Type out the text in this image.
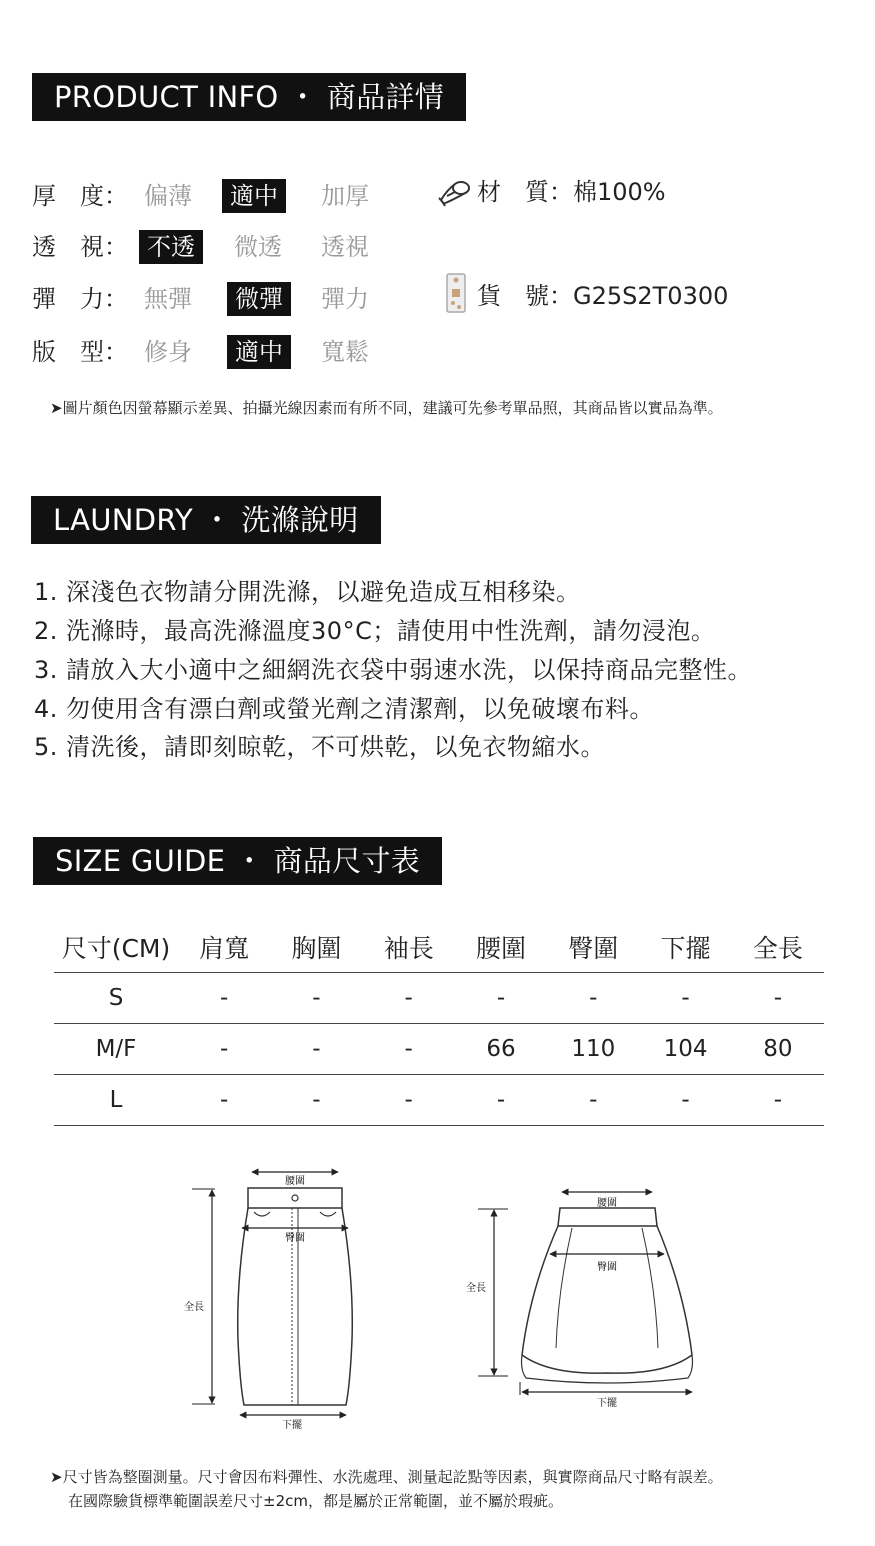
PRODUCT INFO ・ 商品詳情
厚　度： 偏薄	適中	加厚
透　視： 不透	微透	透視
彈　力： 無彈	微彈	彈力
版　型： 修身	適中	寬鬆
材　質：棉100%
貨　號：G25S2T0300
➤圖片顏色因螢幕顯示差異、拍攝光線因素而有所不同，建議可先參考單品照，其商品皆以實品為準。
LAUNDRY ・ 洗滌說明
1. 深淺色衣物請分開洗滌，以避免造成互相移染。
2. 洗滌時，最高洗滌溫度30°C；請使用中性洗劑，請勿浸泡。
3. 請放入大小適中之細網洗衣袋中弱速水洗，以保持商品完整性。
4. 勿使用含有漂白劑或螢光劑之清潔劑，以免破壞布料。
5. 清洗後，請即刻晾乾，不可烘乾，以免衣物縮水。
SIZE GUIDE ・ 商品尺寸表
尺寸(CM)	肩寬	胸圍	袖長	腰圍	臀圍	下擺	全長
S	-	-	-	-	-	-	-
M/F	-	-	-	66	110	104	80
L	-	-	-	-	-	-	-
腰圍
臀圍
全長
下擺
腰圍
臀圍
全長
下擺
➤尺寸皆為整圈測量。尺寸會因布料彈性、水洗處理、測量起訖點等因素，與實際商品尺寸略有誤差。
在國際驗貨標準範圍誤差尺寸±2cm，都是屬於正常範圍，並不屬於瑕疵。
